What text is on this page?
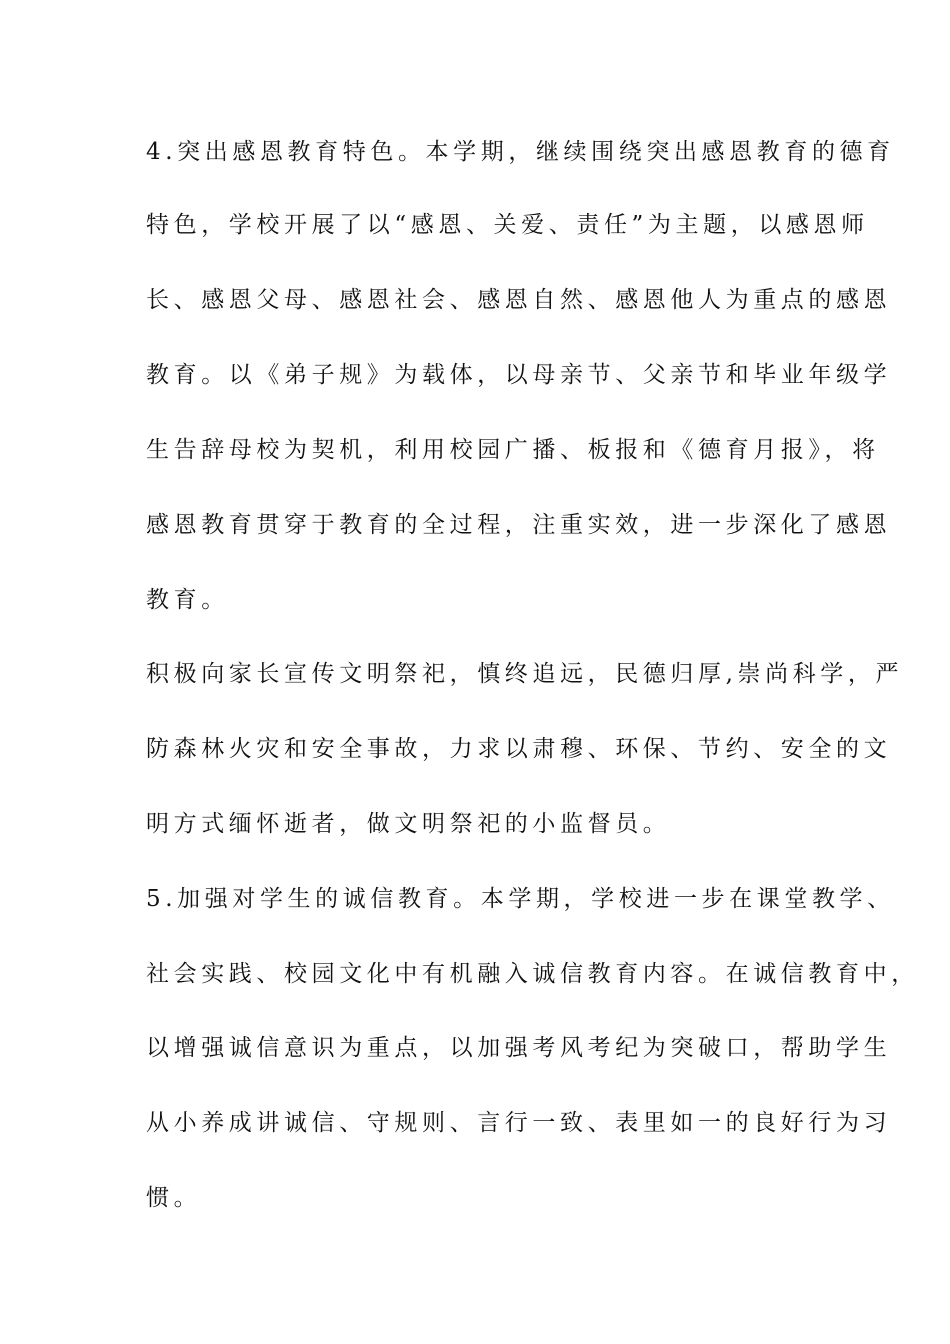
4.突出感恩教育特色。本学期，继续围绕突出感恩教育的德育
特色，学校开展了以“感恩、关爱、责任”为主题，以感恩师
长、感恩父母、感恩社会、感恩自然、感恩他人为重点的感恩
教育。以《弟子规》为载体，以母亲节、父亲节和毕业年级学
生告辞母校为契机，利用校园广播、板报和《德育月报》，将
感恩教育贯穿于教育的全过程，注重实效，进一步深化了感恩
教育。
积极向家长宣传文明祭祀，慎终追远，民德归厚,崇尚科学，严
防森林火灾和安全事故，力求以肃穆、环保、节约、安全的文
明方式缅怀逝者，做文明祭祀的小监督员。
5.加强对学生的诚信教育。本学期，学校进一步在课堂教学、
社会实践、校园文化中有机融入诚信教育内容。在诚信教育中，
以增强诚信意识为重点，以加强考风考纪为突破口，帮助学生
从小养成讲诚信、守规则、言行一致、表里如一的良好行为习
惯。
